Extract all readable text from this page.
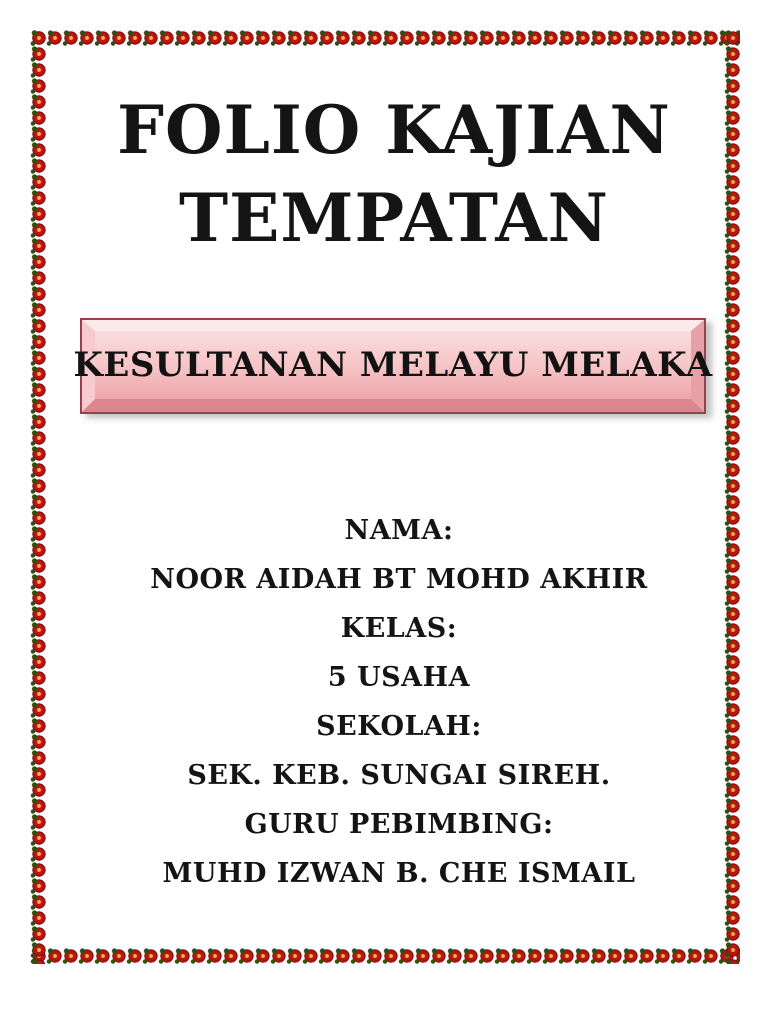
FOLIO KAJIAN
TEMPATAN
KESULTANAN MELAYU MELAKA
NAMA:
NOOR AIDAH BT MOHD AKHIR
KELAS:
5 USAHA
SEKOLAH:
SEK. KEB. SUNGAI SIREH.
GURU PEBIMBING:
MUHD IZWAN B. CHE ISMAIL
